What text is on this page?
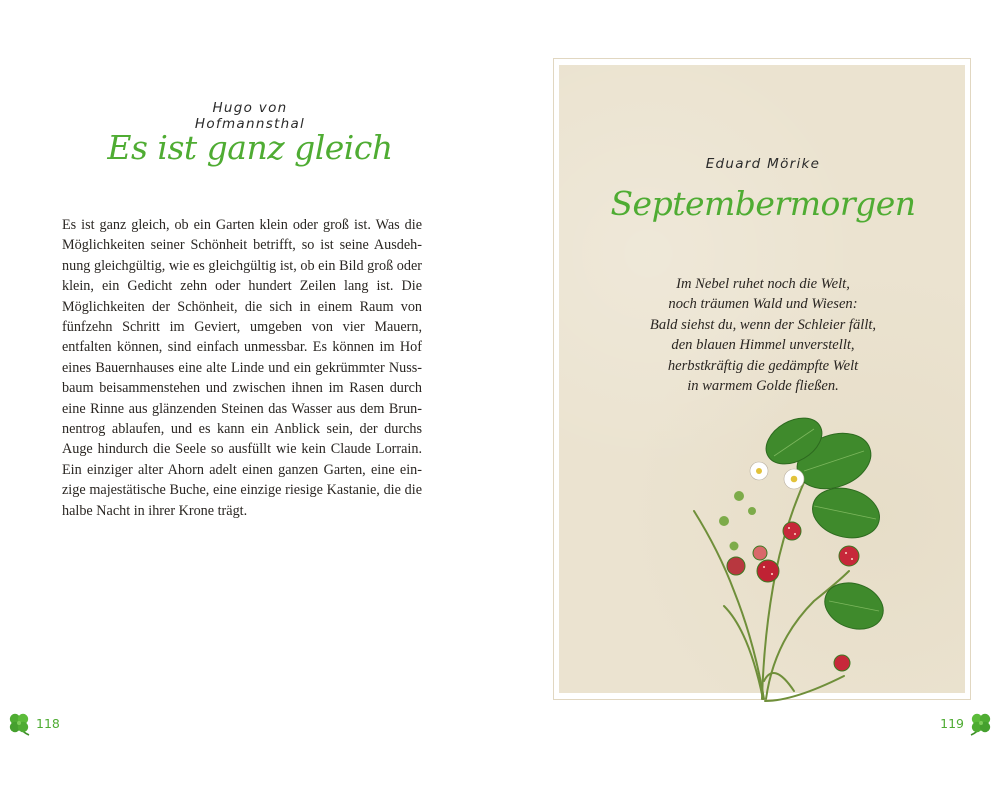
Hugo von Hofmannsthal
Es ist ganz gleich

Es ist ganz gleich, ob ein Garten klein oder groß ist. Was die Möglichkeiten seiner Schönheit betrifft, so ist seine Ausdeh- nung gleichgültig, wie es gleichgültig ist, ob ein Bild groß oder klein, ein Gedicht zehn oder hundert Zeilen lang ist. Die Möglichkeiten der Schönheit, die sich in einem Raum von fünfzehn Schritt im Geviert, umgeben von vier Mauern, entfalten können, sind einfach unmessbar. Es können im Hof eines Bauernhauses eine alte Linde und ein gekrümmter Nuss- baum beisammenstehen und zwischen ihnen im Rasen durch eine Rinne aus glänzenden Steinen das Wasser aus dem Brun- nentrog ablaufen, und es kann ein Anblick sein, der durchs Auge hindurch die Seele so ausfüllt wie kein Claude Lorrain. Ein einziger alter Ahorn adelt einen ganzen Garten, eine ein- zige majestätische Buche, eine einzige riesige Kastanie, die die halbe Nacht in ihrer Krone trägt.

118
Eduard Mörike
Septembermorgen
Im Nebel ruhet noch die Welt,
noch träumen Wald und Wiesen:
Bald siehst du, wenn der Schleier fällt,
den blauen Himmel unverstellt,
herbstkräftig die gedämpfte Welt
in warmem Golde fließen.
119
